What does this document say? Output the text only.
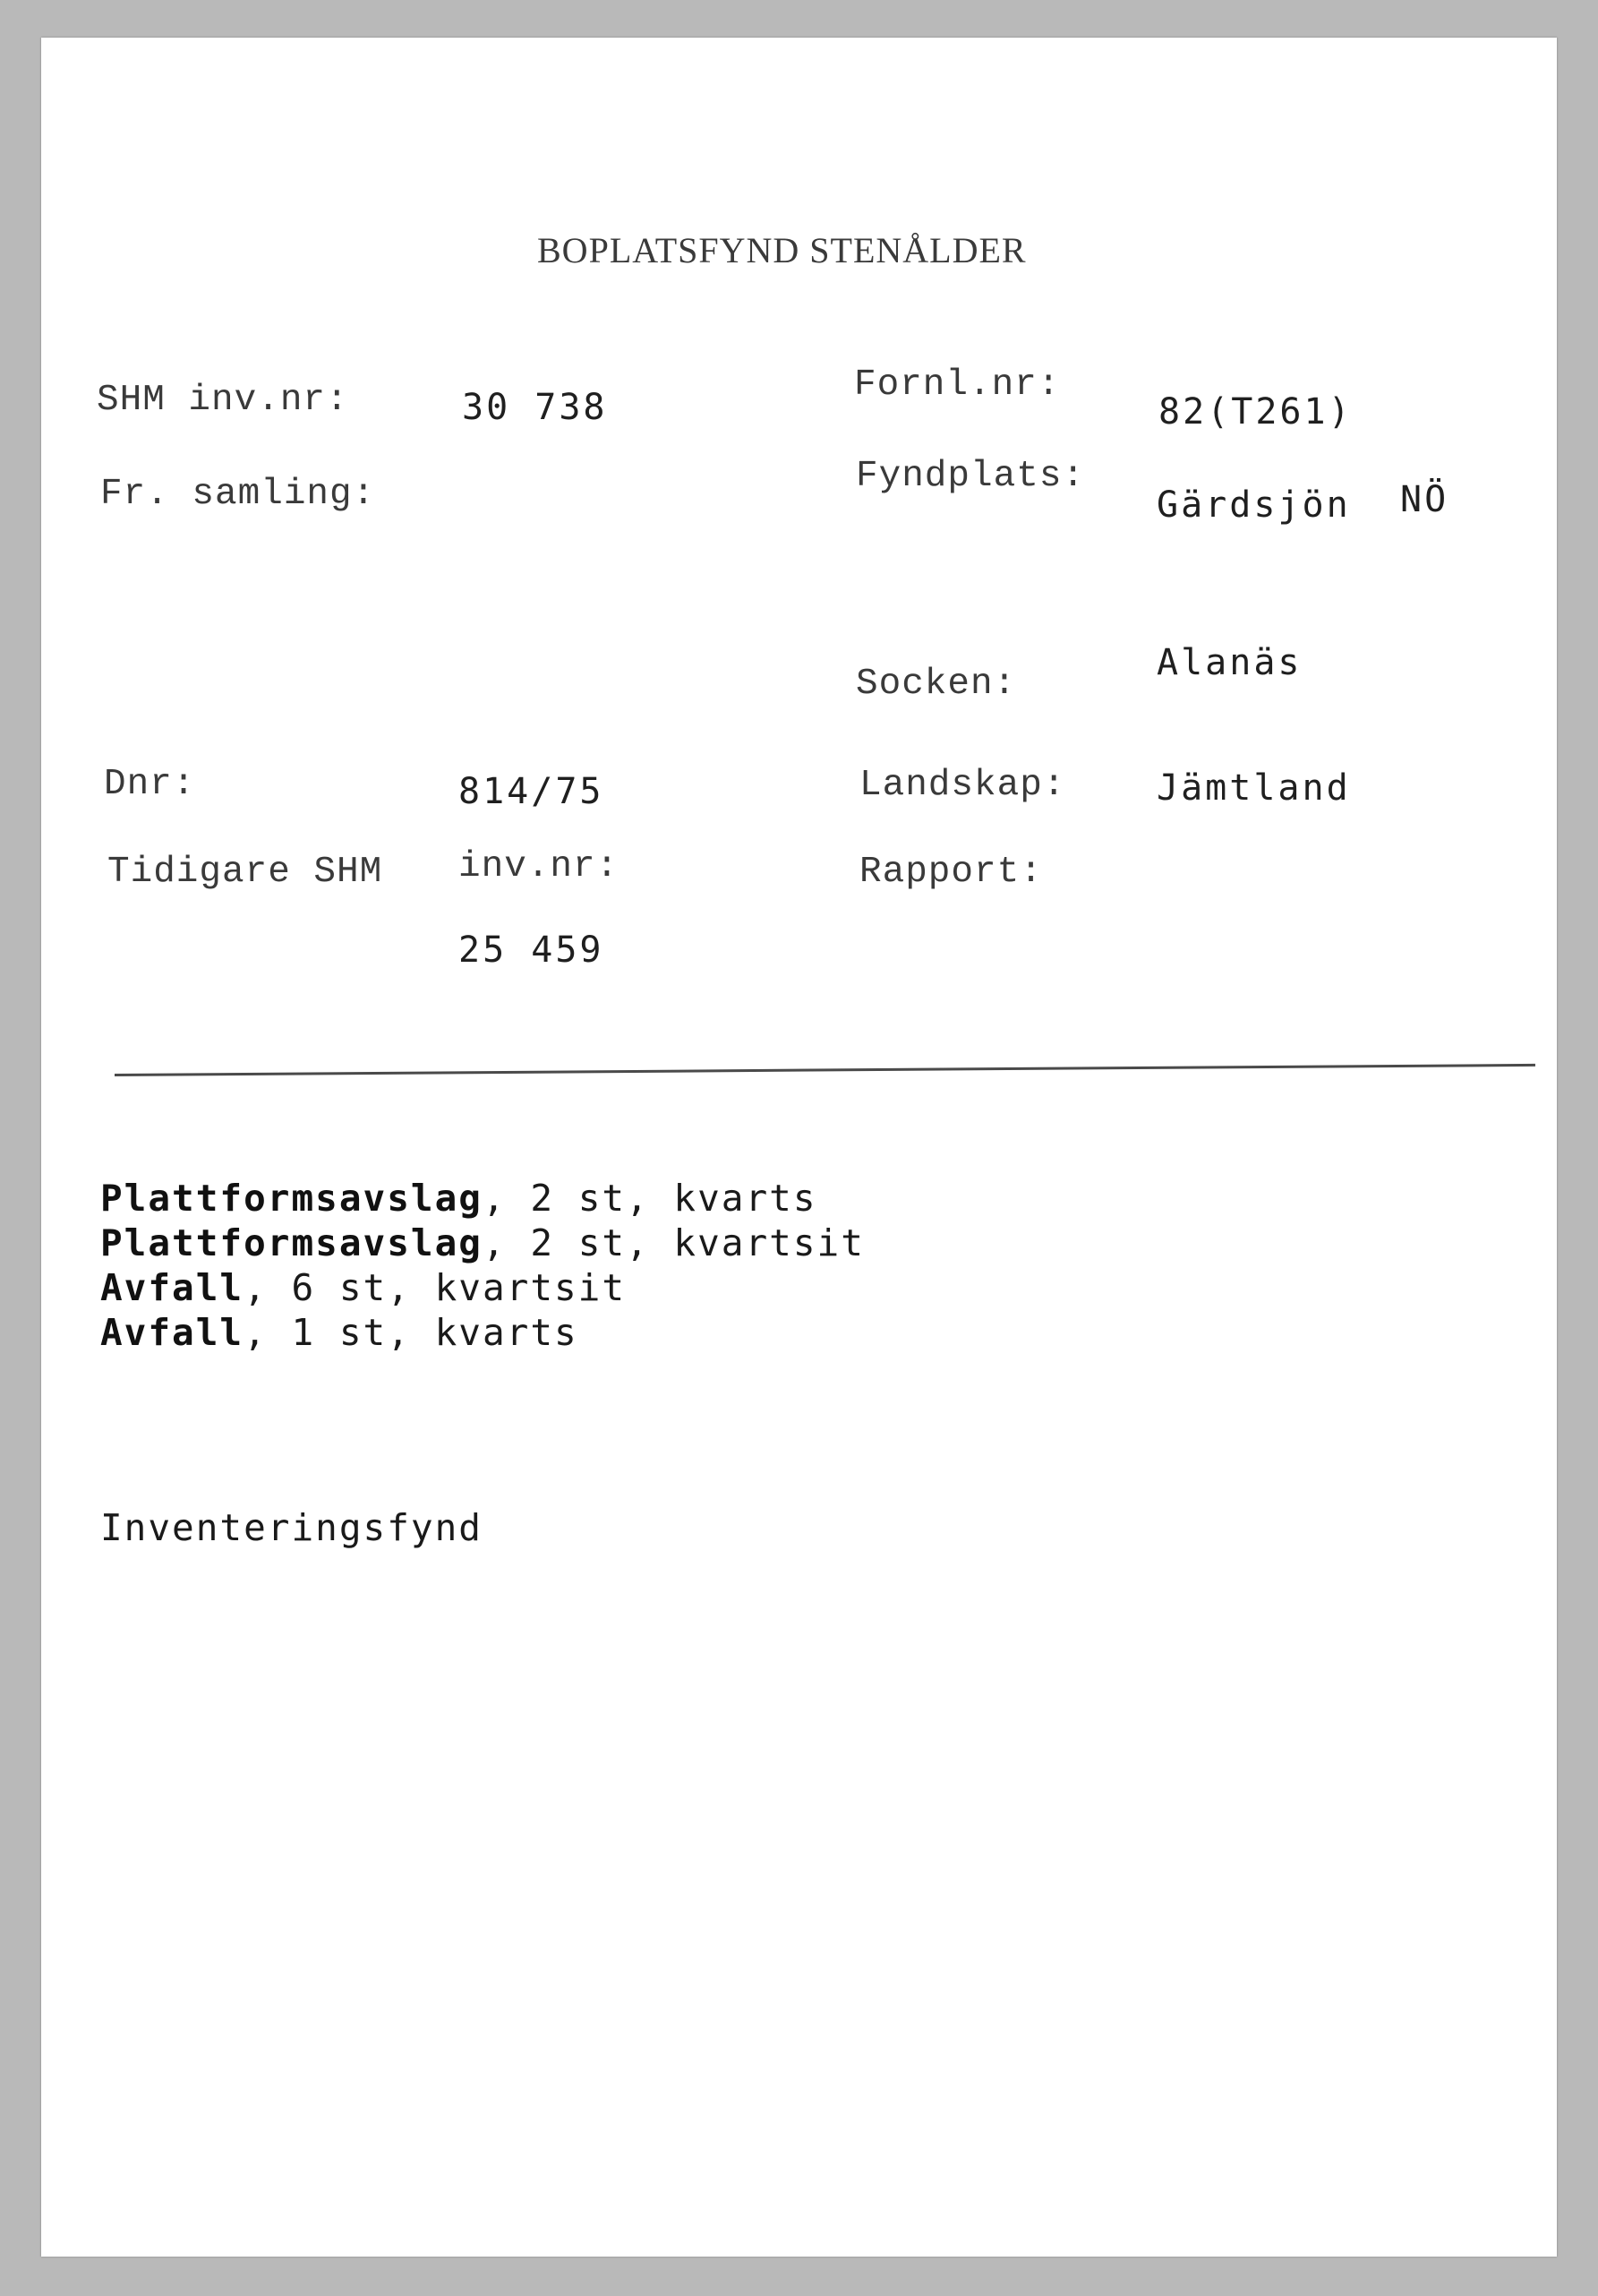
BOPLATSFYND STENÅLDER
SHM inv.nr:	30 738
Fr. samling:
Dnr:	814/75
Tidigare SHM inv.nr:
25 459
Fornl.nr:
82(T261)
Fyndplats:
Gärdsjön NÖ
Socken:
Alanäs
Landskap:	Jämtland
Rapport:
Plattformsavslag, 2 st, kvarts
Plattformsavslag, 2 st, kvartsit
Avfall, 6 st, kvartsit
Avfall, 1 st, kvarts
Inventeringsfynd
